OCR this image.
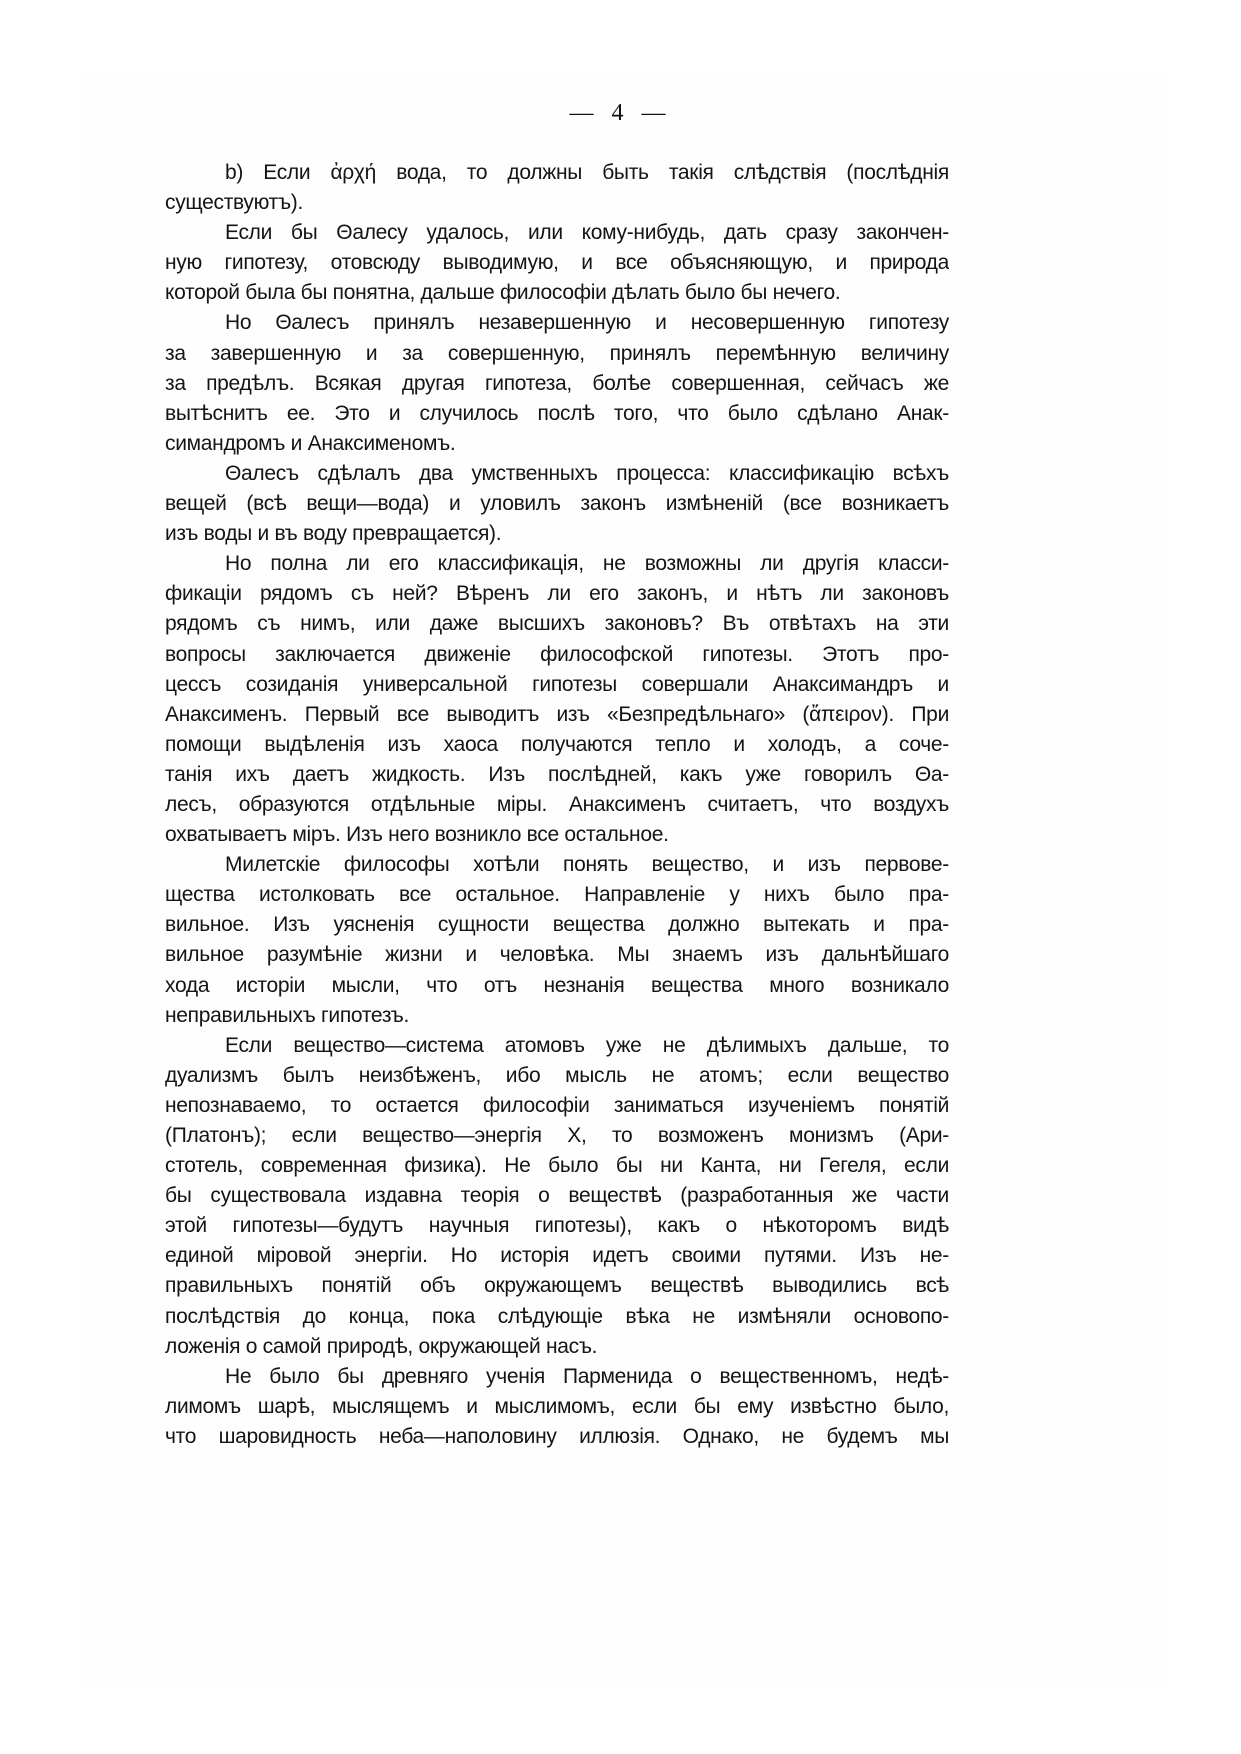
— 4 —
b) Если ἀρχή вода, то должны быть такія слѣдствія (послѣднія
существуютъ).
Если бы Θалесу удалось, или кому-нибудь, дать сразу закончен-
ную гипотезу, отовсюду выводимую, и все объясняющую, и природа
которой была бы понятна, дальше философіи дѣлать было бы нечего.
Но Θалесъ принялъ незавершенную и несовершенную гипотезу
за завершенную и за совершенную, принялъ перемѣнную величину
за предѣлъ. Всякая другая гипотеза, болѣе совершенная, сейчасъ же
вытѣснитъ ее. Это и случилось послѣ того, что было сдѣлано Анак-
симандромъ и Анаксименомъ.
Θалесъ сдѣлалъ два умственныхъ процесса: классификацію всѣхъ
вещей (всѣ вещи—вода) и уловилъ законъ измѣненій (все возникаетъ
изъ воды и въ воду превращается).
Но полна ли его классификація, не возможны ли другія класси-
фикаціи рядомъ съ ней? Вѣренъ ли его законъ, и нѣтъ ли законовъ
рядомъ съ нимъ, или даже высшихъ законовъ? Въ отвѣтахъ на эти
вопросы заключается движеніе философской гипотезы. Этотъ про-
цессъ созиданія универсальной гипотезы совершали Анаксимандръ и
Анаксименъ. Первый все выводитъ изъ «Безпредѣльнаго» (ἄπειρον). При
помощи выдѣленія изъ хаоса получаются тепло и холодъ, а соче-
танія ихъ даетъ жидкость. Изъ послѣдней, какъ уже говорилъ Θа-
лесъ, образуются отдѣльные міры. Анаксименъ считаетъ, что воздухъ
охватываетъ міръ. Изъ него возникло все остальное.
Милетскіе философы хотѣли понять вещество, и изъ первове-
щества истолковать все остальное. Направленіе у нихъ было пра-
вильное. Изъ уясненія сущности вещества должно вытекать и пра-
вильное разумѣніе жизни и человѣка. Мы знаемъ изъ дальнѣйшаго
хода исторіи мысли, что отъ незнанія вещества много возникало
неправильныхъ гипотезъ.
Если вещество—система атомовъ уже не дѣлимыхъ дальше, то
дуализмъ былъ неизбѣженъ, ибо мысль не атомъ; если вещество
непознаваемо, то остается философіи заниматься изученіемъ понятій
(Платонъ); если вещество—энергія X, то возможенъ монизмъ (Ари-
стотель, современная физика). Не было бы ни Канта, ни Гегеля, если
бы существовала издавна теорія о веществѣ (разработанныя же части
этой гипотезы—будутъ научныя гипотезы), какъ о нѣкоторомъ видѣ
единой міровой энергіи. Но исторія идетъ своими путями. Изъ не-
правильныхъ понятій объ окружающемъ веществѣ выводились всѣ
послѣдствія до конца, пока слѣдующіе вѣка не измѣняли основопо-
ложенія о самой природѣ, окружающей насъ.
Не было бы древняго ученія Парменида о вещественномъ, недѣ-
лимомъ шарѣ, мыслящемъ и мыслимомъ, если бы ему извѣстно было,
что шаровидность неба—наполовину иллюзія. Однако, не будемъ мы
